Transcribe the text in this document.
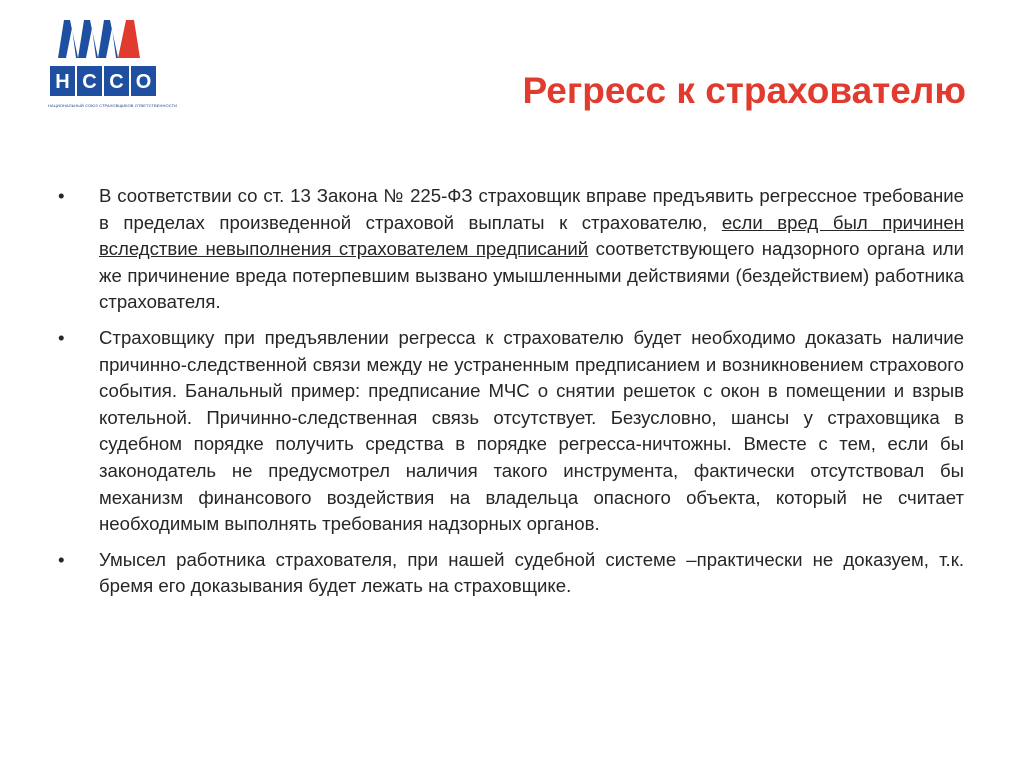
Н С С О
НАЦИОНАЛЬНЫЙ СОЮЗ СТРАХОВЩИКОВ ОТВЕТСТВЕННОСТИ	Регресс к страхователю
•	В соответствии со ст. 13 Закона № 225-ФЗ страховщик вправе предъявить регрессное требование в пределах произведенной страховой выплаты к страхователю, если вред был причинен вследствие невыполнения страхователем предписаний соответствующего надзорного органа или же причинение вреда потерпевшим вызвано умышленными действиями (бездействием) работника страхователя.
•	Страховщику при предъявлении регресса к страхователю будет необходимо доказать наличие причинно-следственной связи между не устраненным предписанием и возникновением страхового события. Банальный пример: предписание МЧС о снятии решеток с окон в помещении и взрыв котельной. Причинно-следственная связь отсутствует. Безусловно, шансы у страховщика в судебном порядке получить средства в порядке регресса-ничтожны. Вместе с тем, если бы законодатель не предусмотрел наличия такого инструмента, фактически отсутствовал бы механизм финансового воздействия на владельца опасного объекта, который не считает необходимым выполнять требования надзорных органов.
•	Умысел работника страхователя, при нашей судебной системе –практически не доказуем, т.к. бремя его доказывания будет лежать на страховщике.
